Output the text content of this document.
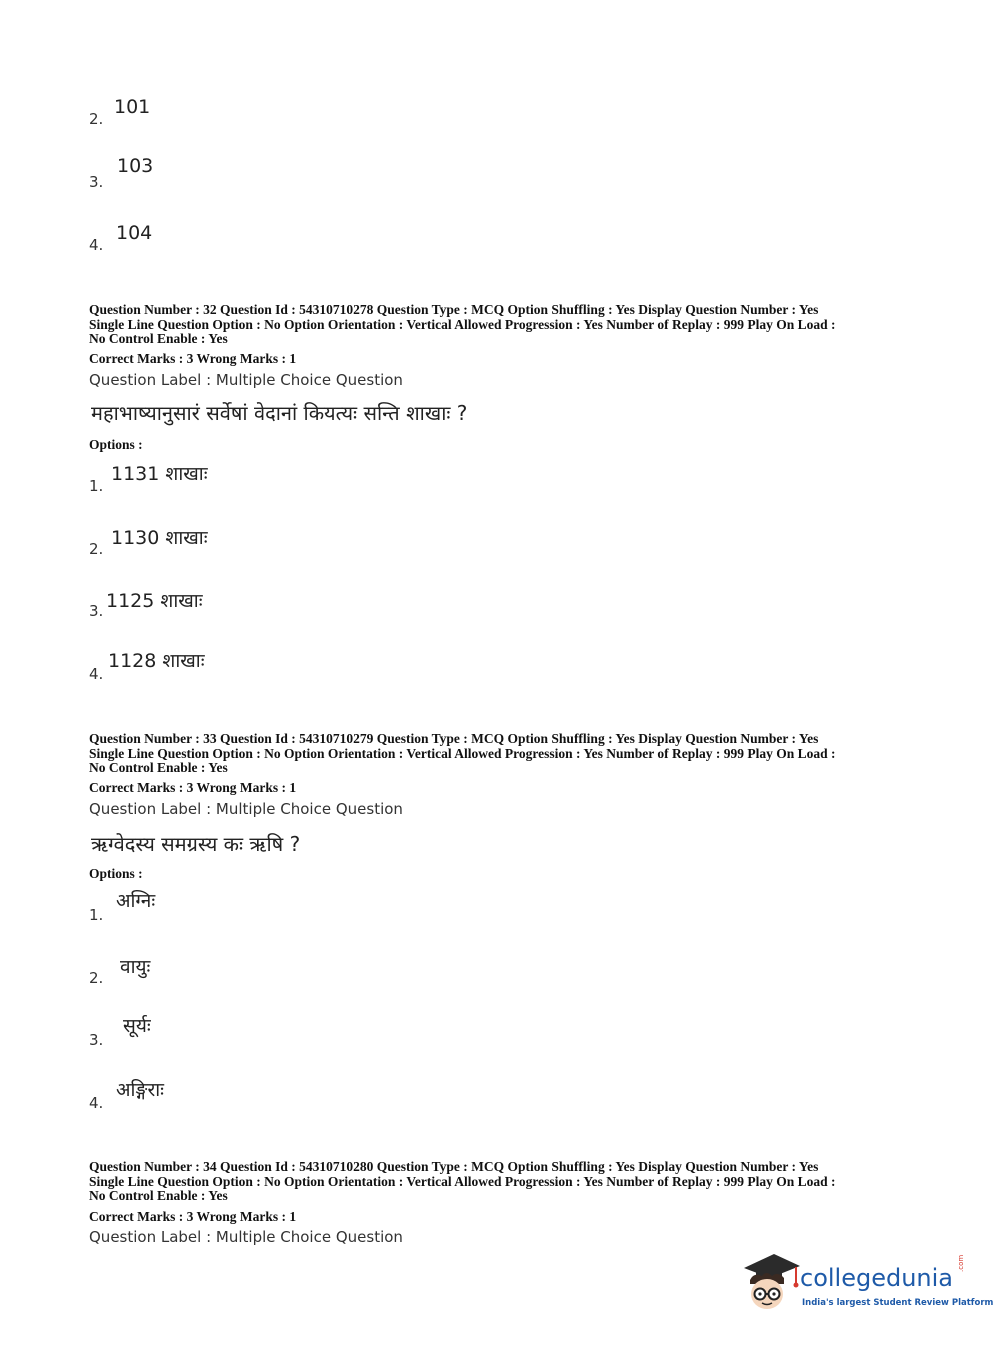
2.
101
3.
103
4.
104
Question Number : 32 Question Id : 54310710278 Question Type : MCQ Option Shuffling : Yes Display Question Number : Yes
Single Line Question Option : No Option Orientation : Vertical Allowed Progression : Yes Number of Replay : 999 Play On Load :
No Control Enable : Yes
Correct Marks : 3 Wrong Marks : 1
Question Label : Multiple Choice Question
महाभाष्यानुसारं सर्वेषां वेदानां कियत्यः सन्ति शाखाः ?
Options :
1.
1131 शाखाः
2. 1130 शाखाः
3. 1125 शाखाः
4.
1128 शाखाः
Question Number : 33 Question Id : 54310710279 Question Type : MCQ Option Shuffling : Yes Display Question Number : Yes
Single Line Question Option : No Option Orientation : Vertical Allowed Progression : Yes Number of Replay : 999 Play On Load :
No Control Enable : Yes
Correct Marks : 3 Wrong Marks : 1
Question Label : Multiple Choice Question
ऋग्वेदस्य समग्रस्य कः ऋषि ?
Options :
1.
अग्निः
2. वायुः
3.
सूर्यः
4.
अङ्गिराः
Question Number : 34 Question Id : 54310710280 Question Type : MCQ Option Shuffling : Yes Display Question Number : Yes
Single Line Question Option : No Option Orientation : Vertical Allowed Progression : Yes Number of Replay : 999 Play On Load :
No Control Enable : Yes
Correct Marks : 3 Wrong Marks : 1
Question Label : Multiple Choice Question
collegedunia
.com
India's largest Student Review Platform
